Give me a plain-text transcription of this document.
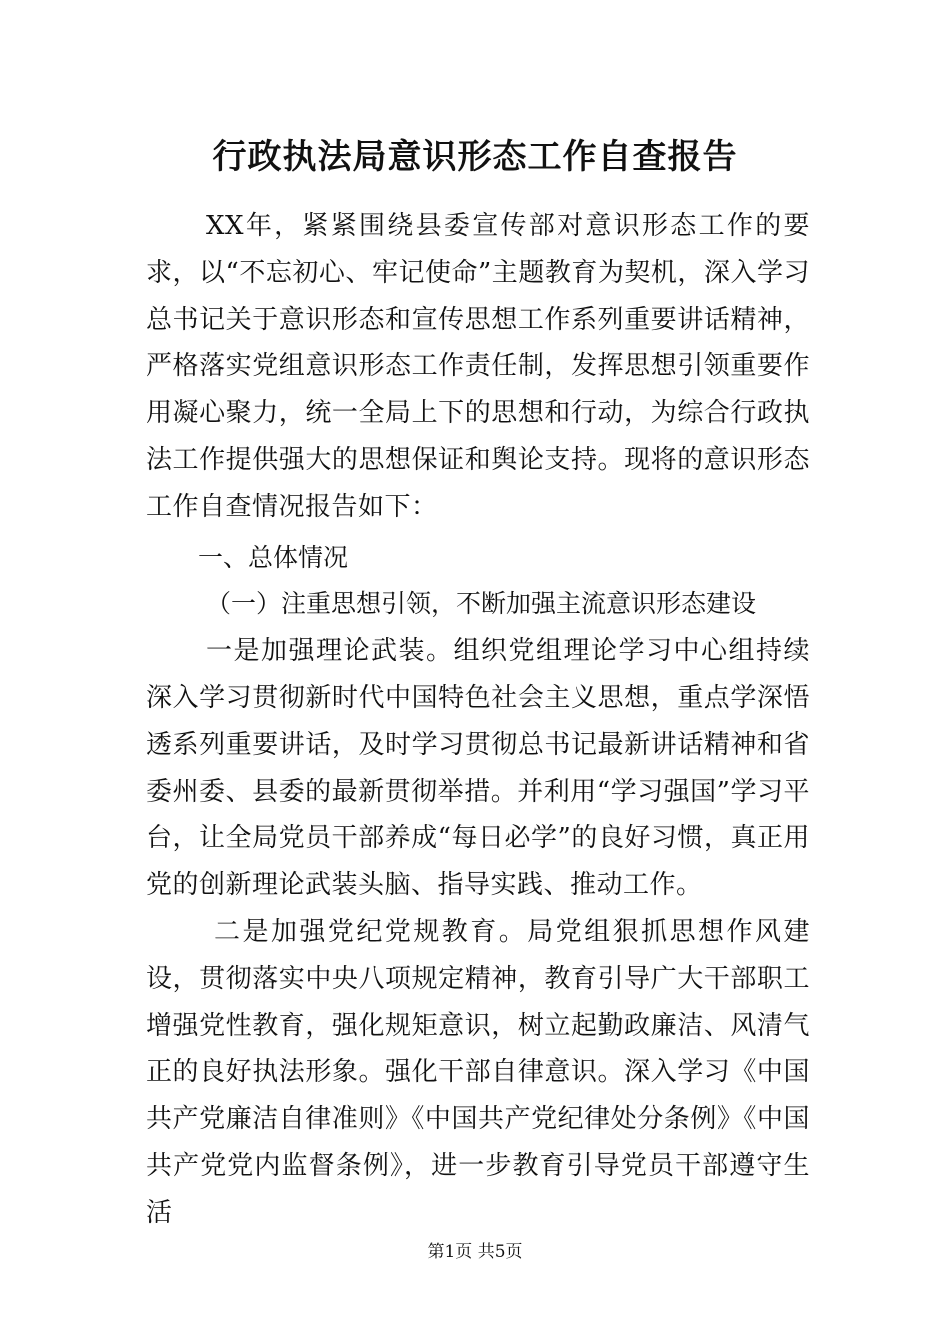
行政执法局意识形态工作自查报告

XX年，紧紧围绕县委宣传部对意识形态工作的要求，以“不忘初心、牢记使命”主题教育为契机，深入学习总书记关于意识形态和宣传思想工作系列重要讲话精神，严格落实党组意识形态工作责任制，发挥思想引领重要作用凝心聚力，统一全局上下的思想和行动，为综合行政执法工作提供强大的思想保证和舆论支持。现将的意识形态工作自查情况报告如下：

一、总体情况

（一）注重思想引领，不断加强主流意识形态建设

一是加强理论武装。组织党组理论学习中心组持续深入学习贯彻新时代中国特色社会主义思想，重点学深悟透系列重要讲话，及时学习贯彻总书记最新讲话精神和省委州委、县委的最新贯彻举措。并利用“学习强国”学习平台，让全局党员干部养成“每日必学”的良好习惯，真正用党的创新理论武装头脑、指导实践、推动工作。

二是加强党纪党规教育。局党组狠抓思想作风建设，贯彻落实中央八项规定精神，教育引导广大干部职工增强党性教育，强化规矩意识，树立起勤政廉洁、风清气正的良好执法形象。强化干部自律意识。深入学习《中国共产党廉洁自律准则》《中国共产党纪律处分条例》《中国共产党党内监督条例》，进一步教育引导党员干部遵守生活

第1页 共5页
